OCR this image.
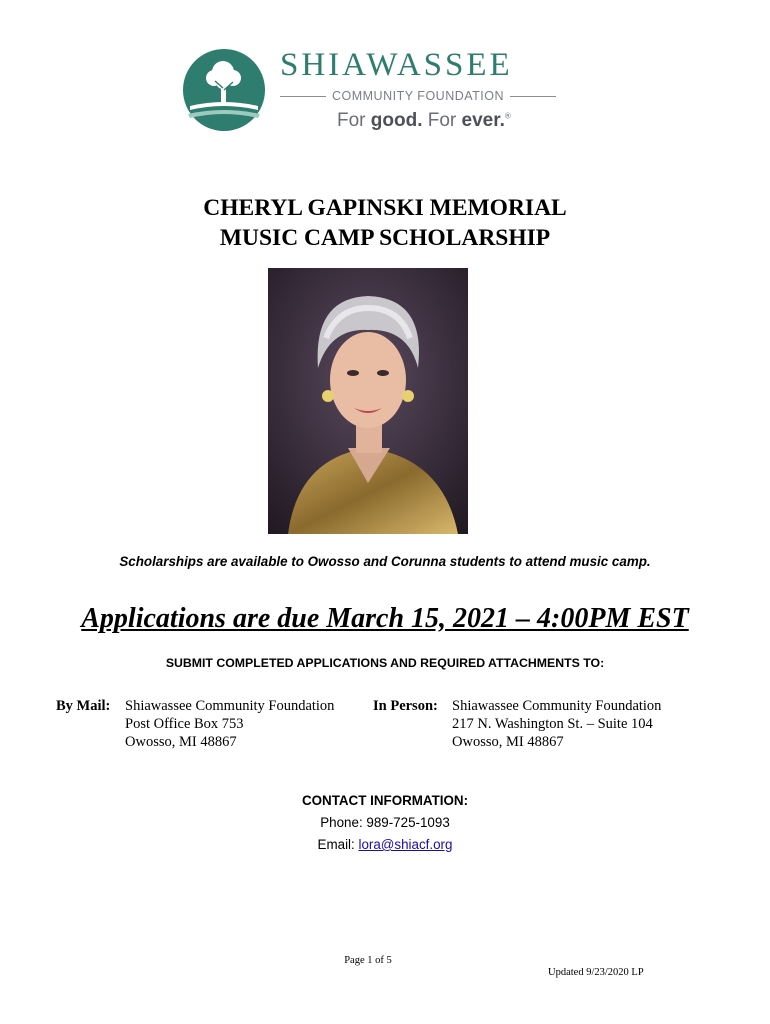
SHIAWASSEE
COMMUNITY FOUNDATION
For good. For ever.®
CHERYL GAPINSKI MEMORIAL
MUSIC CAMP SCHOLARSHIP
Scholarships are available to Owosso and Corunna students to attend music camp.
Applications are due March 15, 2021 – 4:00PM EST
SUBMIT COMPLETED APPLICATIONS AND REQUIRED ATTACHMENTS TO:
By Mail: Shiawassee Community Foundation
Post Office Box 753
Owosso, MI 48867
In Person: Shiawassee Community Foundation
217 N. Washington St. – Suite 104
Owosso, MI 48867
CONTACT INFORMATION:
Phone: 989-725-1093
Email: lora@shiacf.org
Page 1 of 5
Updated 9/23/2020 LP
